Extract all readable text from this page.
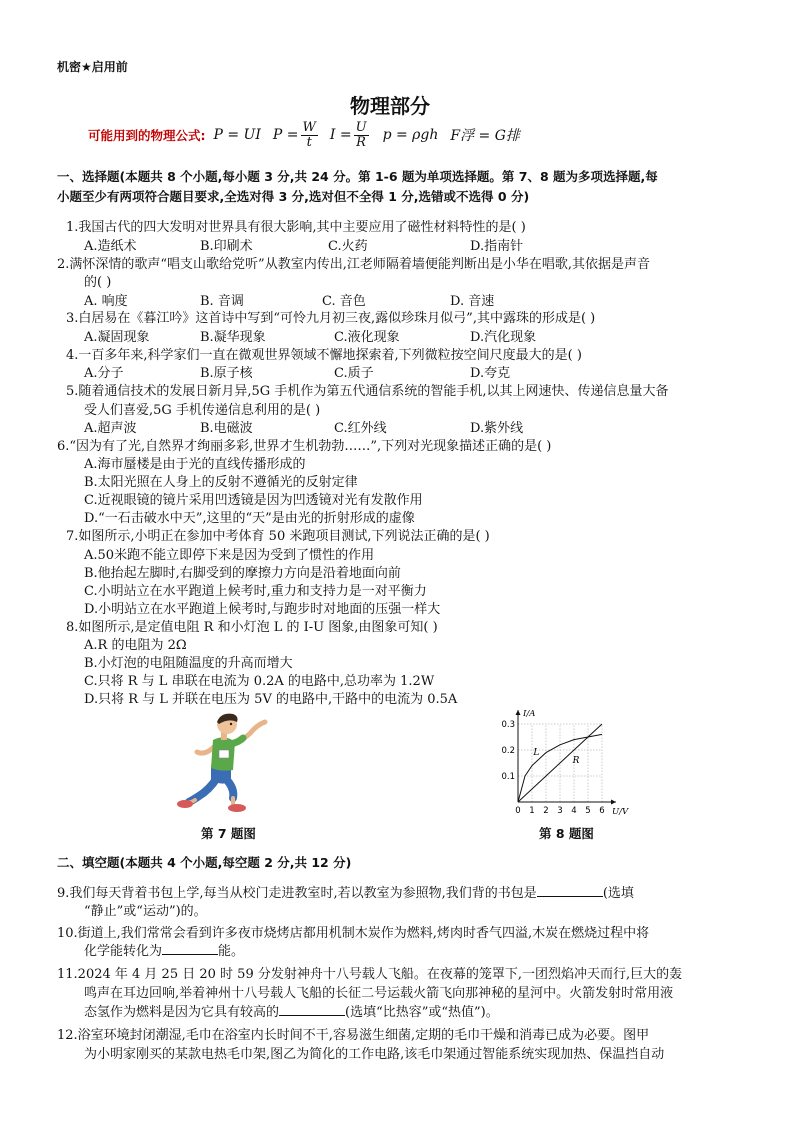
机密★启用前
物理部分
可能用到的物理公式: P = UI $P = \frac{W}{t}$ $I = \frac{U}{R}$ p = ρgh F浮 = G排
一、选择题(本题共 8 个小题,每小题 3 分,共 24 分。第 1-6 题为单项选择题。第 7、8 题为多项选择题,每
小题至少有两项符合题目要求,全选对得 3 分,选对但不全得 1 分,选错或不选得 0 分)
1.我国古代的四大发明对世界具有很大影响,其中主要应用了磁性材料特性的是( )
A.造纸术	B.印刷术	C.火药	D.指南针
2.满怀深情的歌声“唱支山歌给党听”从教室内传出,江老师隔着墙便能判断出是小华在唱歌,其依据是声音
的( )
A. 响度	B. 音调	C. 音色	D. 音速
3.白居易在《暮江吟》这首诗中写到“可怜九月初三夜,露似珍珠月似弓”,其中露珠的形成是( )
A.凝固现象	B.凝华现象	C.液化现象	D.汽化现象
4.一百多年来,科学家们一直在微观世界领域不懈地探索着,下列微粒按空间尺度最大的是( )
A.分子	B.原子核	C.质子	D.夸克
5.随着通信技术的发展日新月异,5G 手机作为第五代通信系统的智能手机,以其上网速快、传递信息量大备
受人们喜爱,5G 手机传递信息利用的是( )
A.超声波	B.电磁波	C.红外线	D.紫外线
6.“因为有了光,自然界才绚丽多彩,世界才生机勃勃……”,下列对光现象描述正确的是( )
A.海市蜃楼是由于光的直线传播形成的
B.太阳光照在人身上的反射不遵循光的反射定律
C.近视眼镜的镜片采用凹透镜是因为凹透镜对光有发散作用
D.“一石击破水中天”,这里的“天”是由光的折射形成的虚像
7.如图所示,小明正在参加中考体育 50 米跑项目测试,下列说法正确的是( )
A.50米跑不能立即停下来是因为受到了惯性的作用
B.他抬起左脚时,右脚受到的摩擦力方向是沿着地面向前
C.小明站立在水平跑道上候考时,重力和支持力是一对平衡力
D.小明站立在水平跑道上候考时,与跑步时对地面的压强一样大
8.如图所示,是定值电阻 R 和小灯泡 L 的 I-U 图象,由图象可知( )
A.R 的电阻为 2Ω
B.小灯泡的电阻随温度的升高而增大
C.只将 R 与 L 串联在电流为 0.2A 的电路中,总功率为 1.2W
D.只将 R 与 L 并联在电压为 5V 的电路中,干路中的电流为 0.5A
0 1 2 3 4 5 6
0.1
0.2
0.3
U/V
I/A
L
R
第 7 题图	第 8 题图
二、填空题(本题共 4 个小题,每空题 2 分,共 12 分)
9.我们每天背着书包上学,每当从校门走进教室时,若以教室为参照物,我们背的书包是	(选填
“静止”或“运动”)的。
10.街道上,我们常常会看到许多夜市烧烤店都用机制木炭作为燃料,烤肉时香气四溢,木炭在燃烧过程中将
化学能转化为	能。
11.2024 年 4 月 25 日 20 时 59 分发射神舟十八号载人飞船。在夜幕的笼罩下,一团烈焰冲天而行,巨大的轰
鸣声在耳边回响,举着神州十八号载人飞船的长征二号运载火箭飞向那神秘的星河中。火箭发射时常用液
态氢作为燃料是因为它具有较高的	(选填“比热容”或“热值”)。
12.浴室环境封闭潮湿,毛巾在浴室内长时间不干,容易滋生细菌,定期的毛巾干燥和消毒已成为必要。图甲
为小明家刚买的某款电热毛巾架,图乙为简化的工作电路,该毛巾架通过智能系统实现加热、保温挡自动
